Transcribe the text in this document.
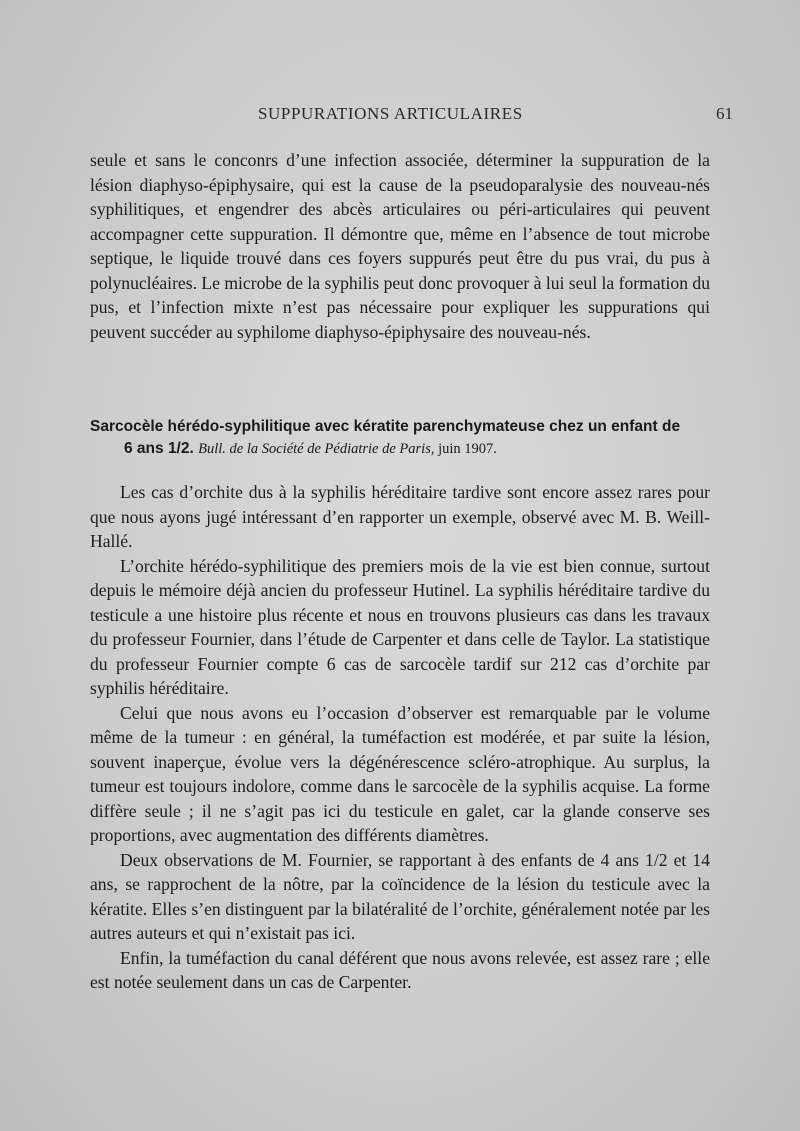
SUPPURATIONS ARTICULAIRES	61

seule et sans le conconrs d’une infection associée, déterminer la suppuration de la lésion diaphyso-épiphysaire, qui est la cause de la pseudoparalysie des nouveau-nés syphilitiques, et engendrer des abcès articulaires ou péri-articulaires qui peuvent accompagner cette suppuration. Il démontre que, même en l’absence de tout microbe septique, le liquide trouvé dans ces foyers suppurés peut être du pus vrai, du pus à polynucléaires. Le microbe de la syphilis peut donc provoquer à lui seul la formation du pus, et l’infection mixte n’est pas nécessaire pour expliquer les suppurations qui peuvent succéder au syphilome diaphyso-épiphysaire des nouveau-nés.

Sarcocèle hérédo-syphilitique avec kératite parenchymateuse chez un enfant de
6 ans 1/2. Bull. de la Société de Pédiatrie de Paris, juin 1907.

Les cas d’orchite dus à la syphilis héréditaire tardive sont encore assez rares pour que nous ayons jugé intéressant d’en rapporter un exemple, observé avec M. B. Weill-Hallé.

L’orchite hérédo-syphilitique des premiers mois de la vie est bien connue, surtout depuis le mémoire déjà ancien du professeur Hutinel. La syphilis héréditaire tardive du testicule a une histoire plus récente et nous en trouvons plusieurs cas dans les travaux du professeur Fournier, dans l’étude de Carpenter et dans celle de Taylor. La statistique du professeur Fournier compte 6 cas de sarcocèle tardif sur 212 cas d’orchite par syphilis héréditaire.

Celui que nous avons eu l’occasion d’observer est remarquable par le volume même de la tumeur : en général, la tuméfaction est modérée, et par suite la lésion, souvent inaperçue, évolue vers la dégénérescence scléro-atrophique. Au surplus, la tumeur est toujours indolore, comme dans le sarcocèle de la syphilis acquise. La forme diffère seule ; il ne s’agit pas ici du testicule en galet, car la glande conserve ses proportions, avec augmentation des différents diamètres.

Deux observations de M. Fournier, se rapportant à des enfants de 4 ans 1/2 et 14 ans, se rapprochent de la nôtre, par la coïncidence de la lésion du testicule avec la kératite. Elles s’en distinguent par la bilatéralité de l’orchite, généralement notée par les autres auteurs et qui n’existait pas ici.

Enfin, la tuméfaction du canal déférent que nous avons relevée, est assez rare ; elle est notée seulement dans un cas de Carpenter.
